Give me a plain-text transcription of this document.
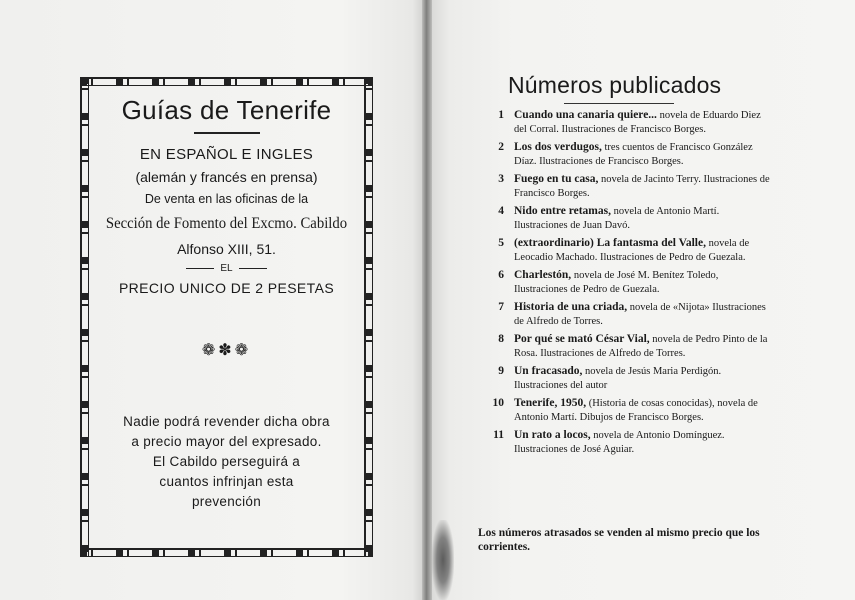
Guías de Tenerife
EN ESPAÑOL E INGLES
(alemán y francés en prensa)
De venta en las oficinas de la
Sección de Fomento del Excmo. Cabildo
Alfonso XIII, 51.
EL
PRECIO UNICO DE 2 PESETAS
❁✽❁
Nadie podrá revender dicha obra
a precio mayor del expresado.
El Cabildo perseguirá a
cuantos infrinjan esta
prevención
Números publicados
1 Cuando una canaria quiere... novela de Eduardo Diez del Corral. Ilustraciones de Francisco Borges.
2 Los dos verdugos, tres cuentos de Francisco González Díaz. Ilustraciones de Francisco Borges.
3 Fuego en tu casa, novela de Jacinto Terry. Ilustraciones de Francisco Borges.
4 Nido entre retamas, novela de Antonio Martí. Ilustraciones de Juan Davó.
5 (extraordinario) La fantasma del Valle, novela de Leocadio Machado. Ilustraciones de Pedro de Guezala.
6 Charlestón, novela de José M. Benítez Toledo, Ilustraciones de Pedro de Guezala.
7 Historia de una criada, novela de «Nijota» Ilustraciones de Alfredo de Torres.
8 Por qué se mató César Vial, novela de Pedro Pinto de la Rosa. Ilustraciones de Alfredo de Torres.
9 Un fracasado, novela de Jesús Maria Perdigón. Ilustraciones del autor
10 Tenerife, 1950, (Historia de cosas conocidas), novela de Antonio Martí. Dibujos de Francisco Borges.
11 Un rato a locos, novela de Antonio Domínguez. Ilustraciones de José Aguiar.
Los números atrasados se venden al mismo precio que los corrientes.
